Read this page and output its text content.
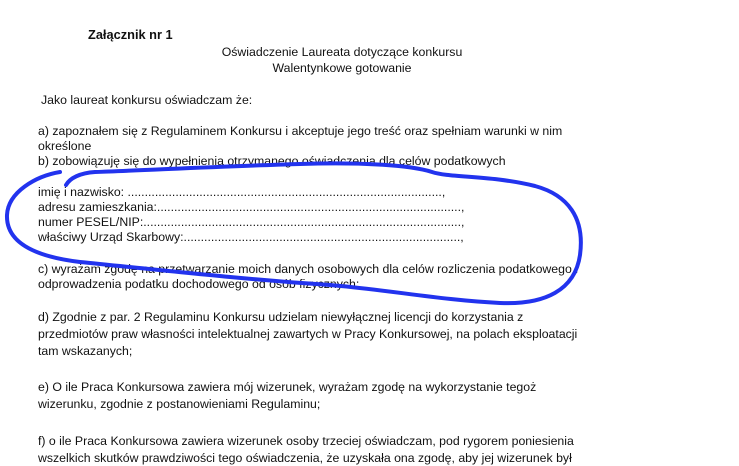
Załącznik nr 1
Oświadczenie Laureata dotyczące konkursu
Walentynkowe gotowanie
Jako laureat konkursu oświadczam że:
a) zapoznałem się z Regulaminem Konkursu i akceptuje jego treść oraz spełniam warunki w nim
określone
b) zobowiązuję się do wypełnienia otrzymanego oświadczenia dla celów podatkowych
imię i nazwisko: ............................................................................................,
adresu zamieszkania:.........................................................................................,
numer PESEL/NIP:.............................................................................................,
właściwy Urząd Skarbowy:.................................................................................,
c) wyrażam zgodę na przetwarzanie moich danych osobowych dla celów rozliczenia podatkowego i
odprowadzenia podatku dochodowego od osób fizycznych;
d) Zgodnie z par. 2 Regulaminu Konkursu udzielam niewyłącznej licencji do korzystania z
przedmiotów praw własności intelektualnej zawartych w Pracy Konkursowej, na polach eksploatacji
tam wskazanych;
e) O ile Praca Konkursowa zawiera mój wizerunek, wyrażam zgodę na wykorzystanie tegoż
wizerunku, zgodnie z postanowieniami Regulaminu;
f) o ile Praca Konkursowa zawiera wizerunek osoby trzeciej oświadczam, pod rygorem poniesienia
wszelkich skutków prawdziwości tego oświadczenia, że uzyskała ona zgodę, aby jej wizerunek był
